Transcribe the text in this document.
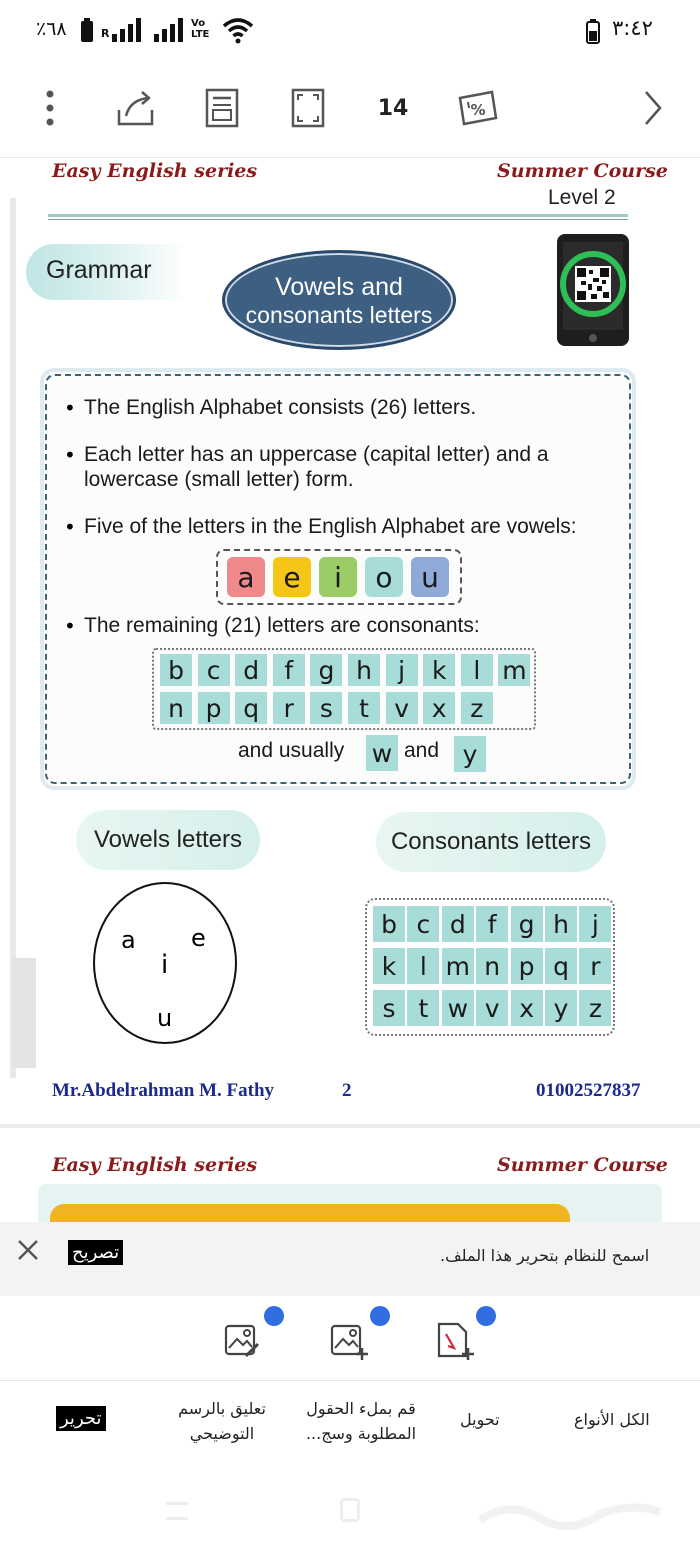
٪٦٨	R
Vo LTE	٣:٤٢
14	%
Easy English series	Summer Course
Level 2
Grammar
Vowels and
consonants letters
• The English Alphabet consists (26) letters.
• Each letter has an uppercase (capital letter) and a
lowercase (small letter) form.
• Five of the letters in the English Alphabet are vowels:
a	e	i	o	u
• The remaining (21) letters are consonants:
b c d	f	g h	j	k	l m
n p q r	s	t	v x z
and usually w and y
Vowels letters	Consonants letters
a e
i
u
b c d f g h j
k l m n p q r
s t w v x y z
Mr.Abdelrahman M. Fathy	2	01002527837
Easy English series	Summer Course
تصريح	اسمح للنظام بتحرير هذا الملف.
تحرير	تعليق بالرسم
التوضيحي
قم بملء الحقول
المطلوبة وسج...
تحويل	الكل الأنواع
